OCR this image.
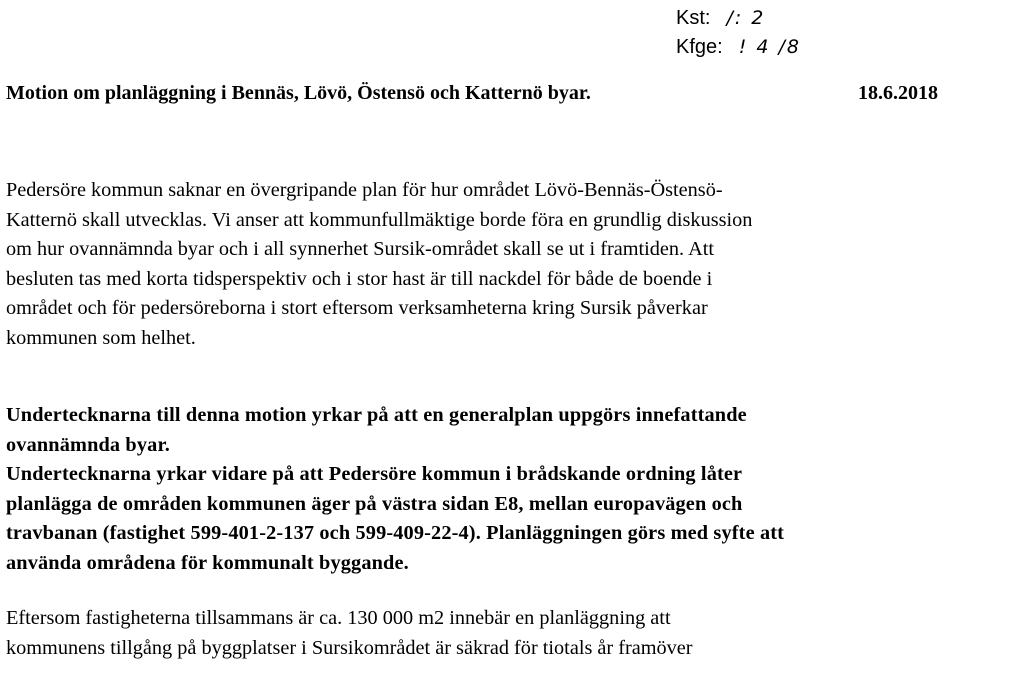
Kst: /: 2
Kfge: ! 4 /8
Motion om planläggning i Bennäs, Lövö, Östensö och Katternö byar.	18.6.2018
Pedersöre kommun saknar en övergripande plan för hur området Lövö-Bennäs-Östensö-
Katternö skall utvecklas. Vi anser att kommunfullmäktige borde föra en grundlig diskussion
om hur ovannämnda byar och i all synnerhet Sursik-området skall se ut i framtiden. Att
besluten tas med korta tidsperspektiv och i stor hast är till nackdel för både de boende i
området och för pedersöreborna i stort eftersom verksamheterna kring Sursik påverkar
kommunen som helhet.
Undertecknarna till denna motion yrkar på att en generalplan uppgörs innefattande
ovannämnda byar.
Undertecknarna yrkar vidare på att Pedersöre kommun i brådskande ordning låter
planlägga de områden kommunen äger på västra sidan E8, mellan europavägen och
travbanan (fastighet 599-401-2-137 och 599-409-22-4). Planläggningen görs med syfte att
använda områdena för kommunalt byggande.
Eftersom fastigheterna tillsammans är ca. 130 000 m2 innebär en planläggning att
kommunens tillgång på byggplatser i Sursikområdet är säkrad för tiotals år framöver
